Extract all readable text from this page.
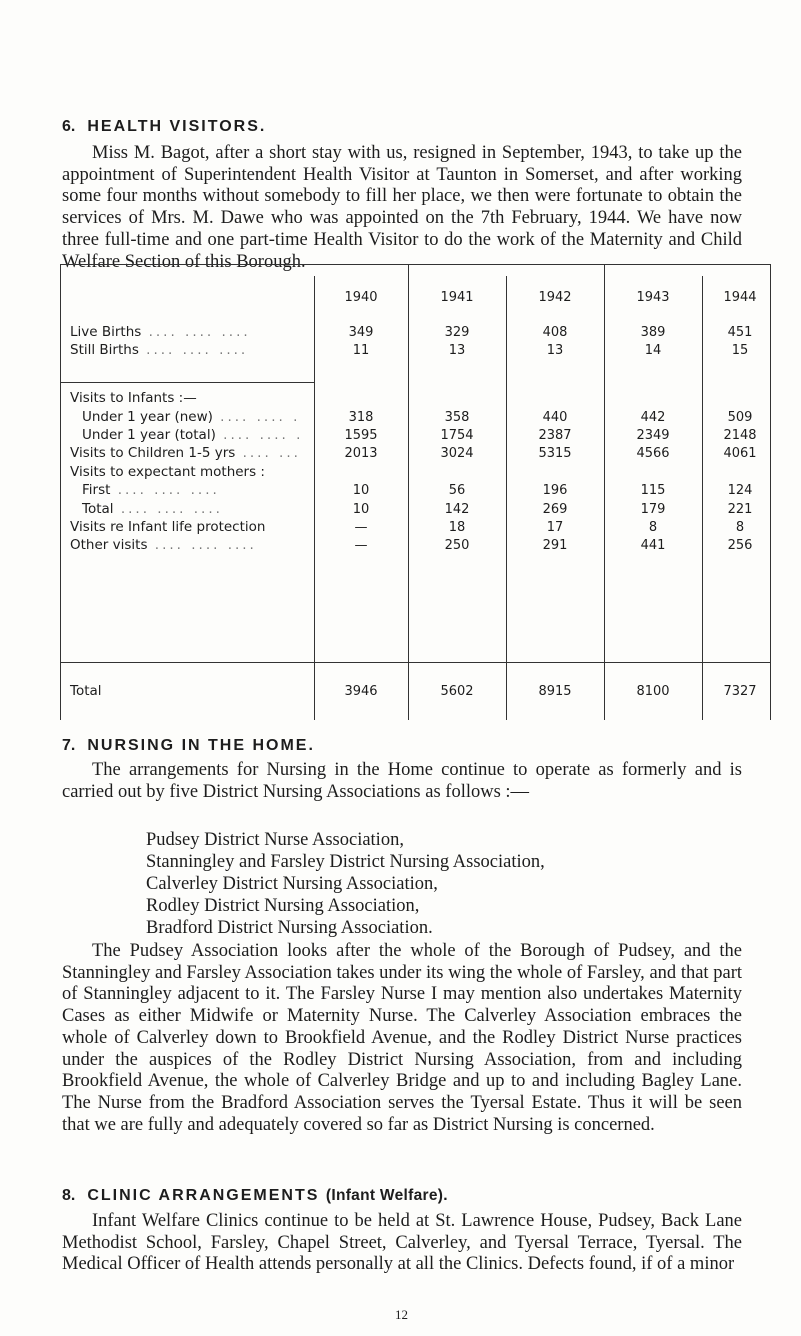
6. HEALTH VISITORS.
Miss M. Bagot, after a short stay with us, resigned in September, 1943, to take up the appointment of Superintendent Health Visitor at Taunton in Somerset, and after working some four months without somebody to fill her place, we then were fortunate to obtain the services of Mrs. M. Dawe who was appointed on the 7th February, 1944. We have now three full-time and one part-time Health Visitor to do the work of the Maternity and Child Welfare Section of this Borough.
1940	1941	1942	1943	1944
Live Births .... .... ....	349	329	408	389	451
Still Births .... .... ....	11	13	13	14	15
Visits to Infants :—
Under 1 year (new) .... .... .	318	358	440	442	509
Under 1 year (total) .... .... .	1595	1754	2387	2349	2148
Visits to Children 1-5 yrs .... ...	2013	3024	5315	4566	4061
Visits to expectant mothers :
First .... .... ....	10	56	196	115	124
Total .... .... ....	10	142	269	179	221
Visits re Infant life protection	—	18	17	8	8
Other visits .... .... ....	—	250	291	441	256
Total	3946	5602	8915	8100	7327
7. NURSING IN THE HOME.
The arrangements for Nursing in the Home continue to operate as formerly and is carried out by five District Nursing Associations as follows :—
Pudsey District Nurse Association,
Stanningley and Farsley District Nursing Association,
Calverley District Nursing Association,
Rodley District Nursing Association,
Bradford District Nursing Association.
The Pudsey Association looks after the whole of the Borough of Pudsey, and the Stanningley and Farsley Association takes under its wing the whole of Farsley, and that part of Stanningley adjacent to it. The Farsley Nurse I may mention also undertakes Maternity Cases as either Midwife or Maternity Nurse. The Calverley Association embraces the whole of Calverley down to Brookfield Avenue, and the Rodley District Nurse practices under the auspices of the Rodley District Nursing Association, from and including Brookfield Avenue, the whole of Calverley Bridge and up to and including Bagley Lane. The Nurse from the Bradford Association serves the Tyersal Estate. Thus it will be seen that we are fully and adequately covered so far as District Nursing is concerned.
8. CLINIC ARRANGEMENTS (Infant Welfare).
Infant Welfare Clinics continue to be held at St. Lawrence House, Pudsey, Back Lane Methodist School, Farsley, Chapel Street, Calverley, and Tyersal Terrace, Tyersal. The Medical Officer of Health attends personally at all the Clinics. Defects found, if of a minor
12
